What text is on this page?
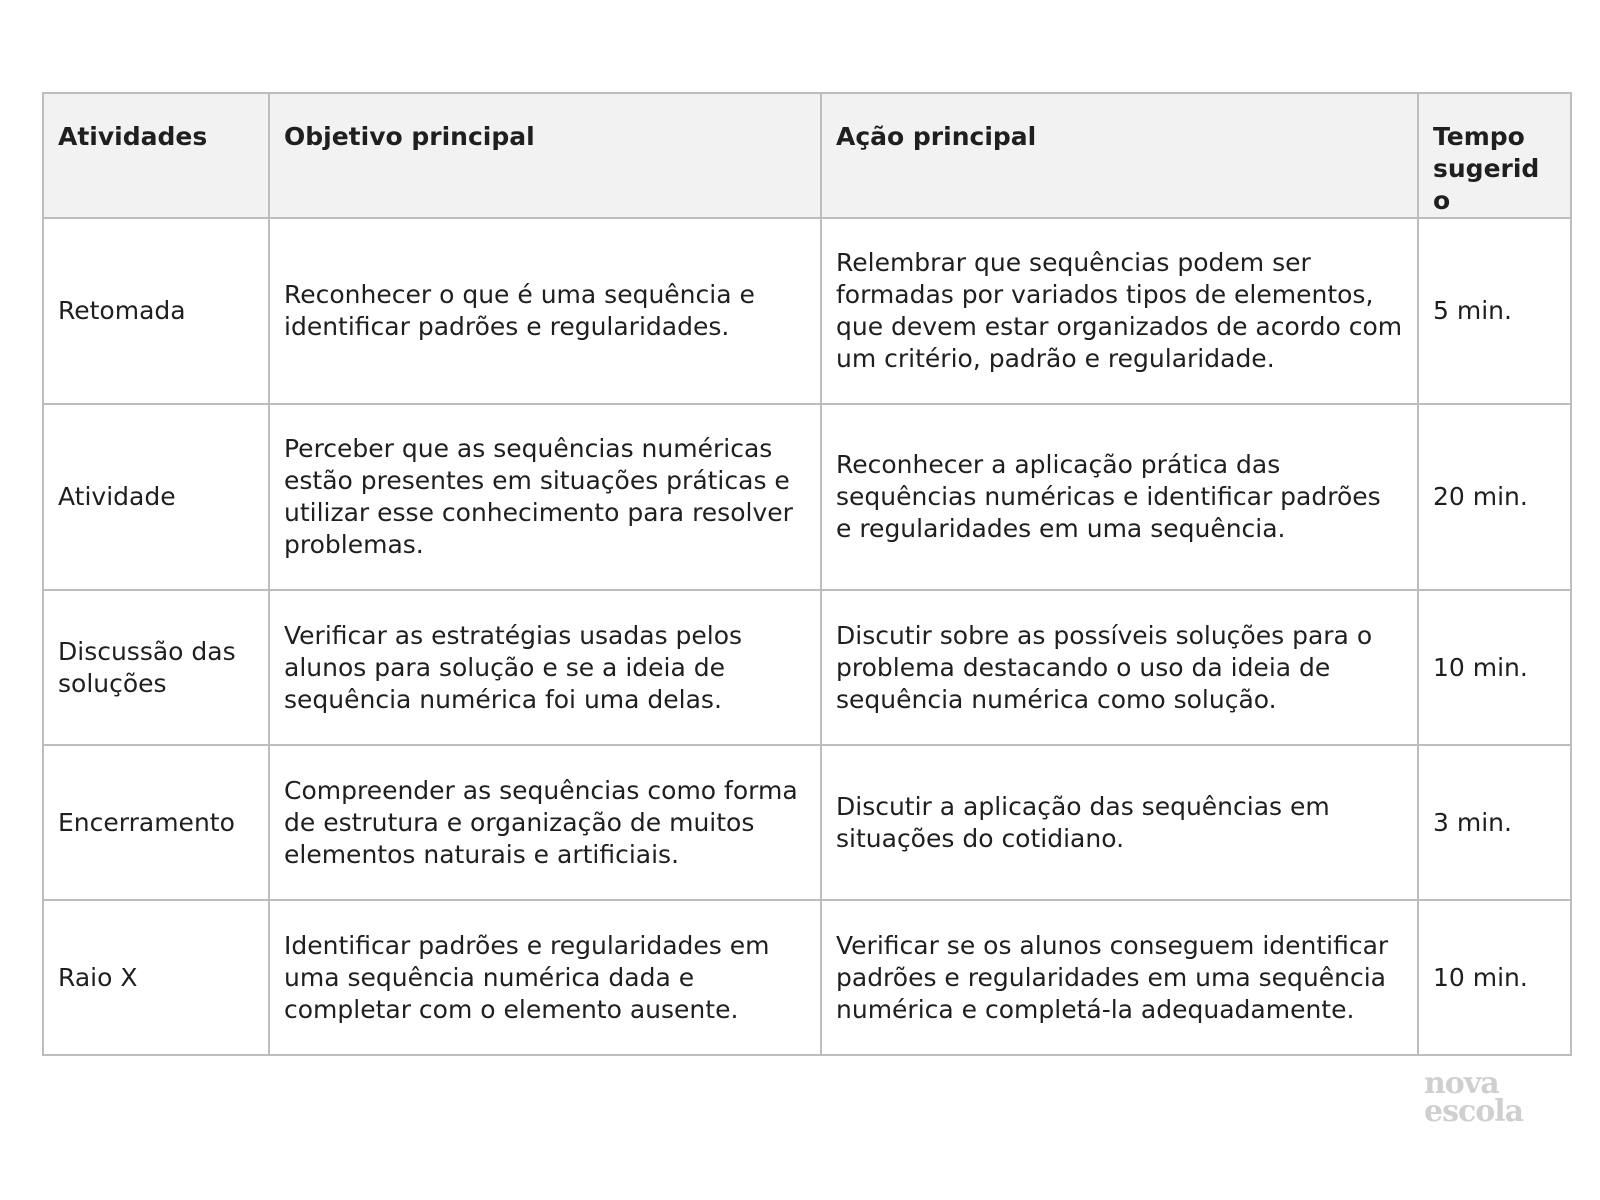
Atividades	Objetivo principal	Ação principal	Tempo sugerido
Retomada	Reconhecer o que é uma sequência e identificar padrões e regularidades.	Relembrar que sequências podem ser formadas por variados tipos de elementos, que devem estar organizados de acordo com um critério, padrão e regularidade.	5 min.
Atividade	Perceber que as sequências numéricas estão presentes em situações práticas e utilizar esse conhecimento para resolver problemas.	Reconhecer a aplicação prática das sequências numéricas e identificar padrões e regularidades em uma sequência.	20 min.
Discussão das soluções	Verificar as estratégias usadas pelos alunos para solução e se a ideia de sequência numérica foi uma delas.	Discutir sobre as possíveis soluções para o problema destacando o uso da ideia de sequência numérica como solução.	10 min.
Encerramento	Compreender as sequências como forma de estrutura e organização de muitos elementos naturais e artificiais.	Discutir a aplicação das sequências em situações do cotidiano.	3 min.
Raio X	Identificar padrões e regularidades em uma sequência numérica dada e completar com o elemento ausente.	Verificar se os alunos conseguem identificar padrões e regularidades em uma sequência numérica e completá-la adequadamente.	10 min.
nova
escola
